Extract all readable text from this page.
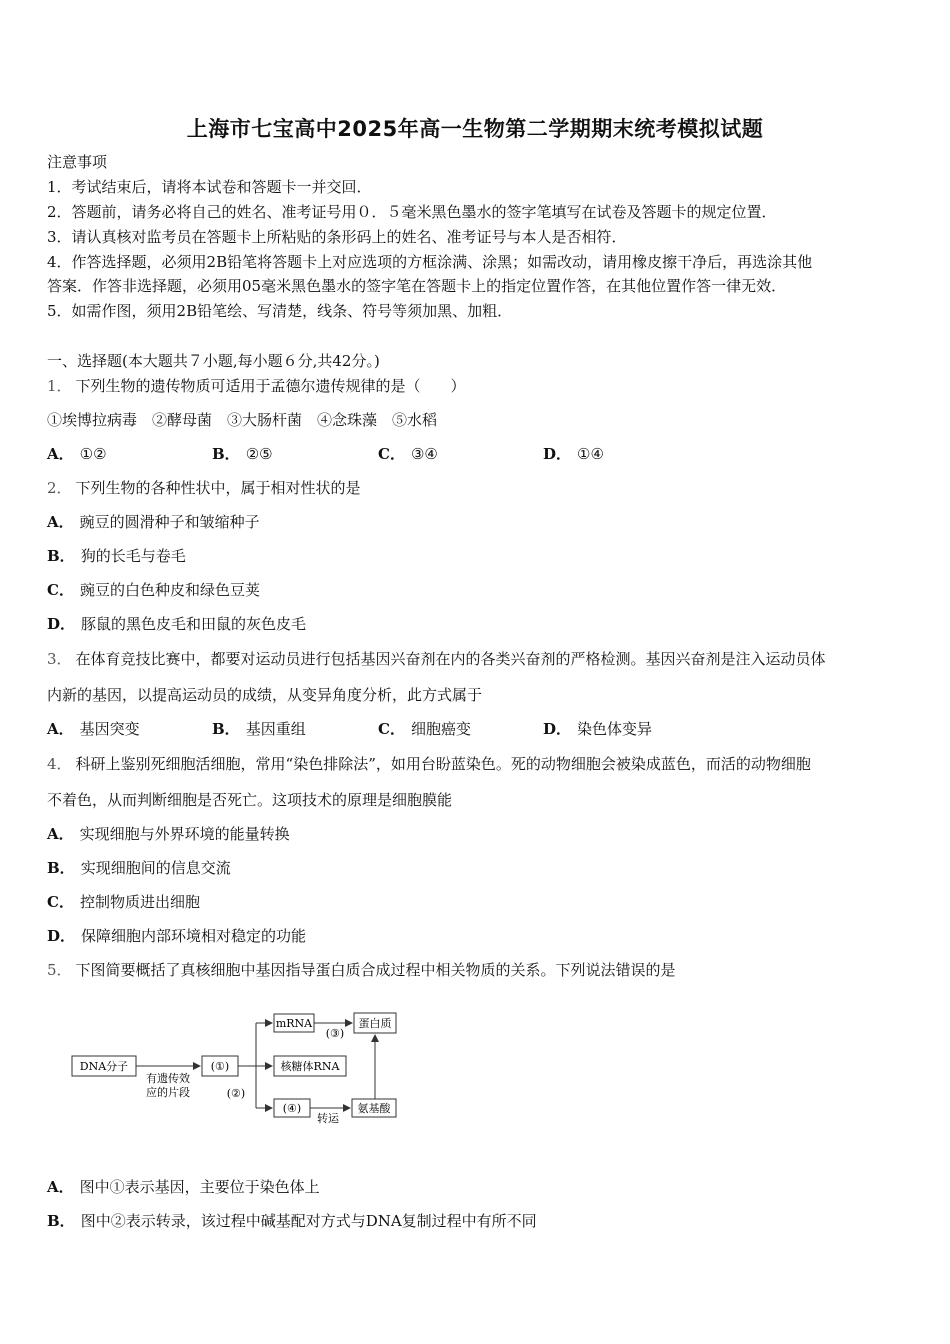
上海市七宝高中2025年高一生物第二学期期末统考模拟试题
注意事项
1．考试结束后，请将本试卷和答题卡一并交回．
2．答题前，请务必将自己的姓名、准考证号用０．５毫米黑色墨水的签字笔填写在试卷及答题卡的规定位置．
3．请认真核对监考员在答题卡上所粘贴的条形码上的姓名、准考证号与本人是否相符．
4．作答选择题，必须用2B铅笔将答题卡上对应选项的方框涂满、涂黑；如需改动，请用橡皮擦干净后，再选涂其他
答案．作答非选择题，必须用05毫米黑色墨水的签字笔在答题卡上的指定位置作答，在其他位置作答一律无效．
5．如需作图，须用2B铅笔绘、写清楚，线条、符号等须加黑、加粗．
一、选择题(本大题共７小题,每小题６分,共42分。)
1． 下列生物的遗传物质可适用于孟德尔遗传规律的是（　　）
①埃博拉病毒　②酵母菌　③大肠杆菌　④念珠藻　⑤水稻
A． ①②	B． ②⑤	C． ③④	D． ①④
2． 下列生物的各种性状中，属于相对性状的是
A． 豌豆的圆滑种子和皱缩种子
B． 狗的长毛与卷毛
C． 豌豆的白色种皮和绿色豆荚
D． 豚鼠的黑色皮毛和田鼠的灰色皮毛
3． 在体育竞技比赛中，都要对运动员进行包括基因兴奋剂在内的各类兴奋剂的严格检测。基因兴奋剂是注入运动员体
内新的基因，以提高运动员的成绩，从变异角度分析，此方式属于
A． 基因突变	B． 基因重组	C． 细胞癌变	D． 染色体变异
4． 科研上鉴别死细胞活细胞，常用“染色排除法”，如用台盼蓝染色。死的动物细胞会被染成蓝色，而活的动物细胞
不着色，从而判断细胞是否死亡。这项技术的原理是细胞膜能
A． 实现细胞与外界环境的能量转换
B． 实现细胞间的信息交流
C． 控制物质进出细胞
D． 保障细胞内部环境相对稳定的功能
5． 下图简要概括了真核细胞中基因指导蛋白质合成过程中相关物质的关系。下列说法错误的是
DNA分子
有遗传效
应的片段
(①)
(②)
mRNA
(③)
蛋白质
核糖体RNA
(④)
转运
氨基酸
A． 图中①表示基因，主要位于染色体上
B． 图中②表示转录，该过程中碱基配对方式与DNA复制过程中有所不同
